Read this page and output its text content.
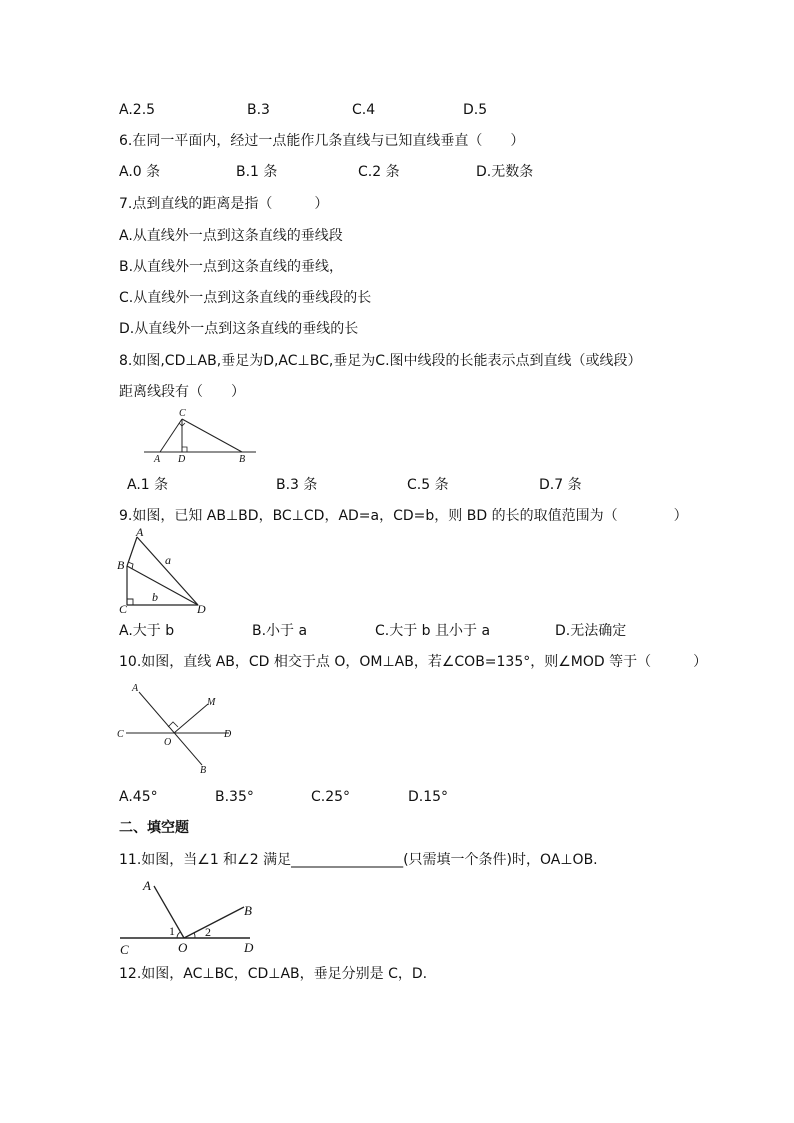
A.2.5	B.3	C.4	D.5
6.在同一平面内，经过一点能作几条直线与已知直线垂直（　　）
A.0 条	B.1 条	C.2 条	D.无数条
7.点到直线的距离是指（　　　）
A.从直线外一点到这条直线的垂线段
B.从直线外一点到这条直线的垂线，
C.从直线外一点到这条直线的垂线段的长
D.从直线外一点到这条直线的垂线的长
8.如图,CD⊥AB,垂足为D,AC⊥BC,垂足为C.图中线段的长能表示点到直线（或线段）
距离线段有（　　）
C
A D	B
A.1 条	B.3 条	C.5 条	D.7 条
9.如图，已知 AB⊥BD，BC⊥CD，AD=a，CD=b，则 BD 的长的取值范围为（　　　　）
A
B
C	D
a
b
A.大于 b	B.小于 a	C.大于 b 且小于 a	D.无法确定
10.如图，直线 AB，CD 相交于点 O，OM⊥AB，若∠COB=135°，则∠MOD 等于（　　　）
A
M
C
O
D
B
A.45°	B.35°	C.25°	D.15°
二、填空题
11.如图，当∠1 和∠2 满足________________(只需填一个条件)时，OA⊥OB.
A
B
C	O	D
1	2
12.如图，AC⊥BC，CD⊥AB，垂足分别是 C，D.
